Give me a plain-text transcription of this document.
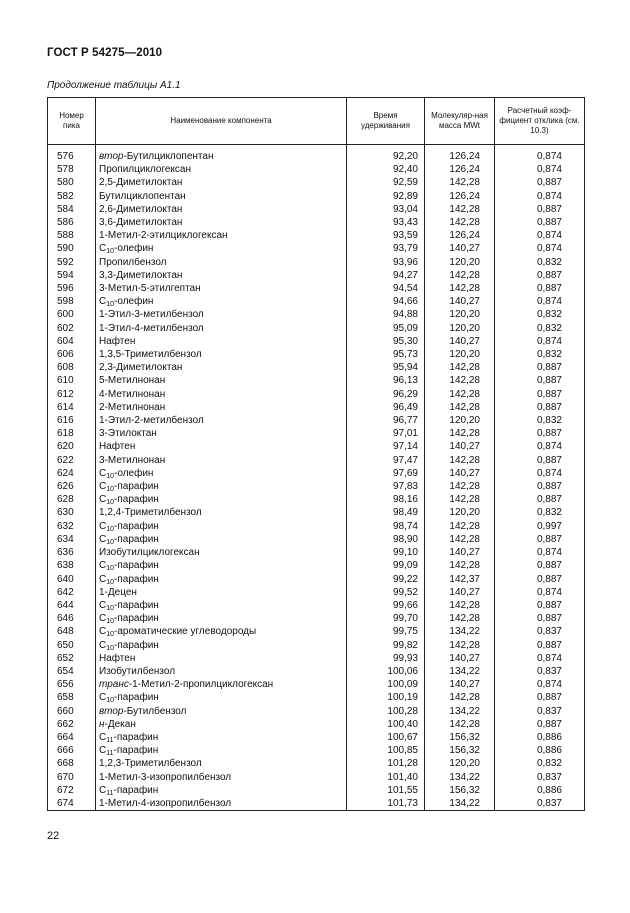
ГОСТ Р 54275—2010
Продолжение таблицы А1.1
Номер пика	Наименование компонента	Время удерживания	Молекуляр-ная масса MWt	Расчетный коэф-фициент отклика (см. 10.3)

576	втор-Бутилциклопентан	92,20	126,24	0,874
578	Пропилциклогексан	92,40	126,24	0,874
580	2,5-Диметилоктан	92,59	142,28	0,887
582	Бутилциклопентан	92,89	126,24	0,874
584	2,6-Диметилоктан	93,04	142,28	0,887
586	3,6-Диметилоктан	93,43	142,28	0,887
588	1-Метил-2-этилциклогексан	93,59	126,24	0,874
590	$C_{10}$-олефин	93,79	140,27	0,874
592	Пропилбензол	93,96	120,20	0,832
594	3,3-Диметилоктан	94,27	142,28	0,887
596	3-Метил-5-этилгептан	94,54	142,28	0,887
598	$C_{10}$-олефин	94,66	140,27	0,874
600	1-Этил-3-метилбензол	94,88	120,20	0,832
602	1-Этил-4-метилбензол	95,09	120,20	0,832
604	Нафтен	95,30	140,27	0,874
606	1,3,5-Триметилбензол	95,73	120,20	0,832
608	2,3-Диметилоктан	95,94	142,28	0,887
610	5-Метилнонан	96,13	142,28	0,887
612	4-Метилнонан	96,29	142,28	0,887
614	2-Метилнонан	96,49	142,28	0,887
616	1-Этил-2-метилбензол	96,77	120,20	0,832
618	3-Этилоктан	97,01	142,28	0,887
620	Нафтен	97,14	140,27	0,874
622	3-Метилнонан	97,47	142,28	0,887
624	$C_{10}$-олефин	97,69	140,27	0,874
626	$C_{10}$-парафин	97,83	142,28	0,887
628	$C_{10}$-парафин	98,16	142,28	0,887
630	1,2,4-Триметилбензол	98,49	120,20	0,832
632	$C_{10}$-парафин	98,74	142,28	0,997
634	$C_{10}$-парафин	98,90	142,28	0,887
636	Изобутилциклогексан	99,10	140,27	0,874
638	$C_{10}$-парафин	99,09	142,28	0,887
640	$C_{10}$-парафин	99,22	142,37	0,887
642	1-Децен	99,52	140,27	0,874
644	$C_{10}$-парафин	99,66	142,28	0,887
646	$C_{10}$-парафин	99,70	142,28	0,887
648	$C_{10}$-ароматические углеводороды	99,75	134,22	0,837
650	$C_{10}$-парафин	99,82	142,28	0,887
652	Нафтен	99,93	140,27	0,874
654	Изобутилбензол	100,06	134,22	0,837
656	транс-1-Метил-2-пропилциклогексан	100,09	140,27	0,874
658	$C_{10}$-парафин	100,19	142,28	0,887
660	втор-Бутилбензол	100,28	134,22	0,837
662	н-Декан	100,40	142,28	0,887
664	$C_{11}$-парафин	100,67	156,32	0,886
666	$C_{11}$-парафин	100,85	156,32	0,886
668	1,2,3-Триметилбензол	101,28	120,20	0,832
670	1-Метил-3-изопропилбензол	101,40	134,22	0,837
672	$C_{11}$-парафин	101,55	156,32	0,886
674	1-Метил-4-изопропилбензол	101,73	134,22	0,837
22
